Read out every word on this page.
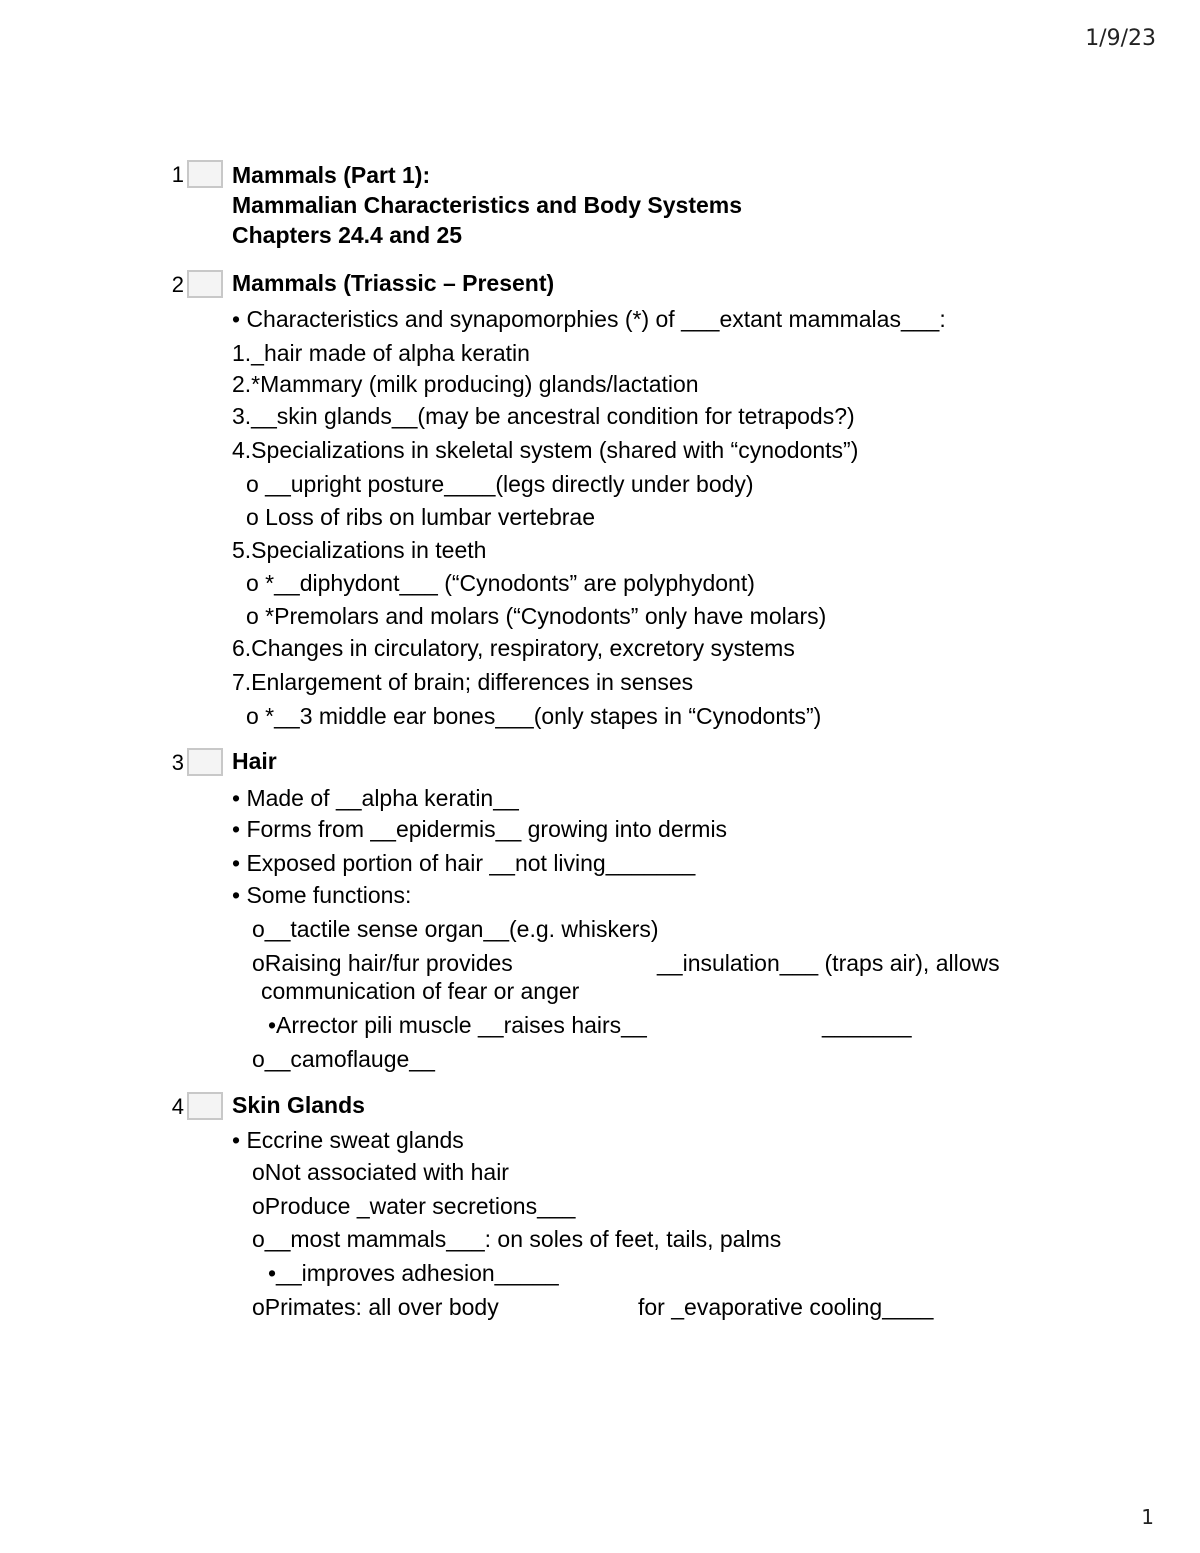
1/9/23
1 Mammals (Part 1):
Mammalian Characteristics and Body Systems
Chapters 24.4 and 25
2 Mammals (Triassic – Present)
• Characteristics and synapomorphies (*) of ___extant mammalas___:
1._hair made of alpha keratin
2.*Mammary (milk producing) glands/lactation
3.__skin glands__(may be ancestral condition for tetrapods?)
4.Specializations in skeletal system (shared with “cynodonts”)
o __upright posture____(legs directly under body)
o Loss of ribs on lumbar vertebrae
5.Specializations in teeth
o *__diphydont___ (“Cynodonts” are polyphydont)
o *Premolars and molars (“Cynodonts” only have molars)
6.Changes in circulatory, respiratory, excretory systems
7.Enlargement of brain; differences in senses
o *__3 middle ear bones___(only stapes in “Cynodonts”)
3 Hair
• Made of __alpha keratin__
• Forms from __epidermis__ growing into dermis
• Exposed portion of hair __not living_______
• Some functions:
o__tactile sense organ__(e.g. whiskers)
oRaising hair/fur provides	__insulation___ (traps air), allows
communication of fear or anger
•Arrector pili muscle __raises hairs__	_______
o__camoflauge__
4 Skin Glands
• Eccrine sweat glands
oNot associated with hair
oProduce _water secretions___
o__most mammals___: on soles of feet, tails, palms
•__improves adhesion_____
oPrimates: all over body	for _evaporative cooling____
1
